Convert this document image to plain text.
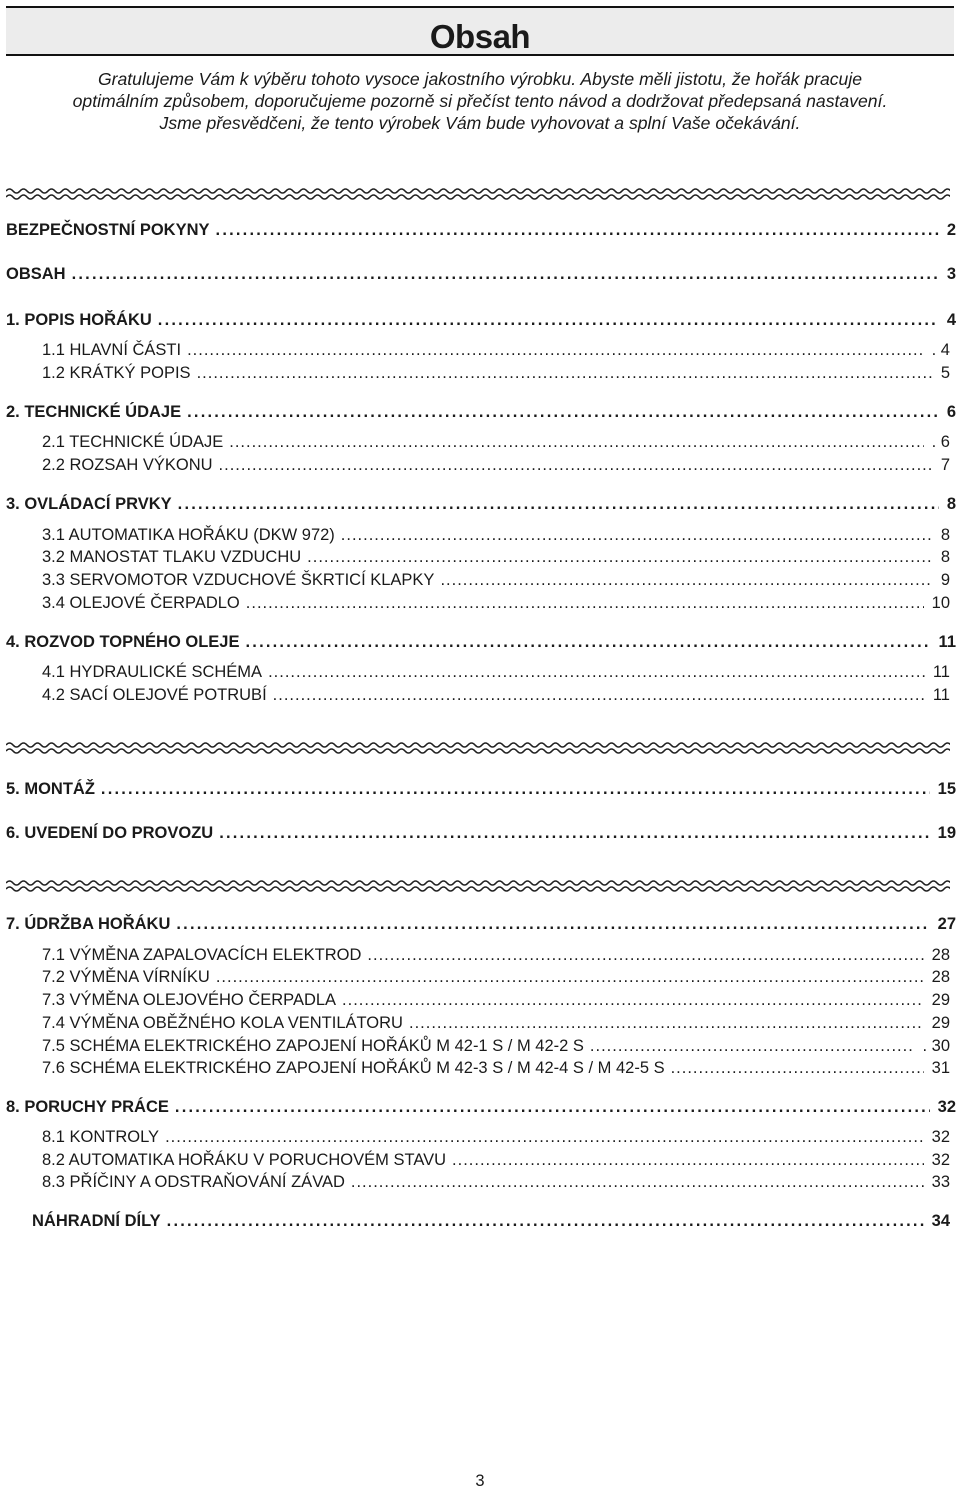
Obsah
Gratulujeme Vám k výběru tohoto vysoce jakostního výrobku. Abyste měli jistotu, že hořák pracuje
optimálním způsobem, doporučujeme pozorně si přečíst tento návod a dodržovat předepsaná nastavení.
Jsme přesvědčeni, že tento výrobek Vám bude vyhovovat a splní Vaše očekávání.
BEZPEČNOSTNÍ POKYNY .....	2
OBSAH .....	3
1. POPIS HOŘÁKU .....	4
1.1 HLAVNÍ ČÁSTI .....	. 4
1.2 KRÁTKÝ POPIS .....	5
2. TECHNICKÉ ÚDAJE .....	6
2.1 TECHNICKÉ ÚDAJE .....	. 6
2.2 ROZSAH VÝKONU .....	7
3. OVLÁDACÍ PRVKY .....	8
3.1 AUTOMATIKA HOŘÁKU (DKW 972) .....	8
3.2 MANOSTAT TLAKU VZDUCHU .....	8
3.3 SERVOMOTOR VZDUCHOVÉ ŠKRTICÍ KLAPKY .....	9
3.4 OLEJOVÉ ČERPADLO .....	10
4. ROZVOD TOPNÉHO OLEJE .....	11
4.1 HYDRAULICKÉ SCHÉMA .....	11
4.2 SACÍ OLEJOVÉ POTRUBÍ .....	11
5. MONTÁŽ .....	15
6. UVEDENÍ DO PROVOZU .....	19
7. ÚDRŽBA HOŘÁKU .....	27
7.1 VÝMĚNA ZAPALOVACÍCH ELEKTROD .....	28
7.2 VÝMĚNA VÍRNÍKU .....	28
7.3 VÝMĚNA OLEJOVÉHO ČERPADLA .....	29
7.4 VÝMĚNA OBĚŽNÉHO KOLA VENTILÁTORU .....	29
7.5 SCHÉMA ELEKTRICKÉHO ZAPOJENÍ HOŘÁKŮ M 42-1 S / M 42-2 S .....	. 30
7.6 SCHÉMA ELEKTRICKÉHO ZAPOJENÍ HOŘÁKŮ M 42-3 S / M 42-4 S / M 42-5 S .....	31
8. PORUCHY PRÁCE .....	32
8.1 KONTROLY .....	32
8.2 AUTOMATIKA HOŘÁKU V PORUCHOVÉM STAVU .....	32
8.3 PŘÍČINY A ODSTRAŇOVÁNÍ ZÁVAD .....	33
NÁHRADNÍ DÍLY .....	34
3
